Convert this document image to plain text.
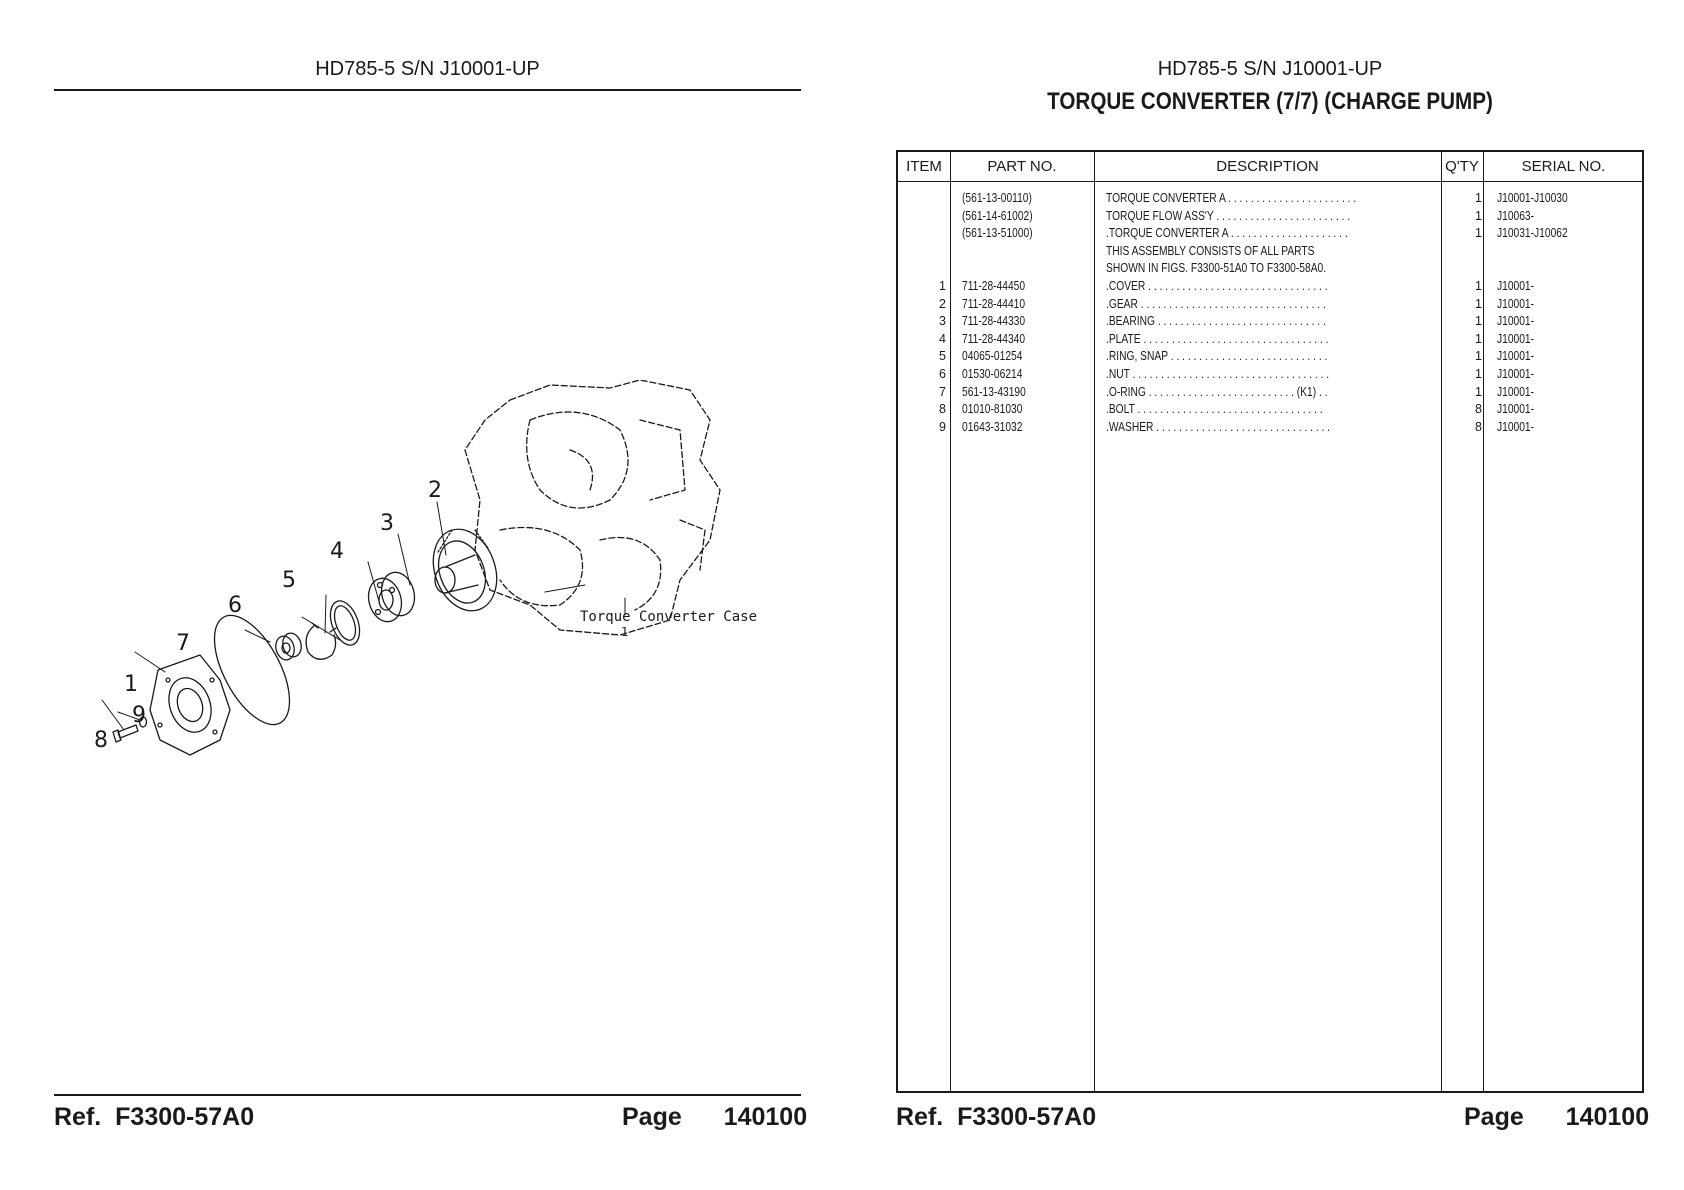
HD785-5 S/N J10001-UP
2
3
4
5
6
7
1
9
8
Torque Converter Case
1
Ref. F3300-57A0	Page 140100
HD785-5 S/N J10001-UP
TORQUE CONVERTER (7/7) (CHARGE PUMP)
ITEM	PART NO.	DESCRIPTION	Q'TY	SERIAL NO.
(561-13-00110)	TORQUE CONVERTER A . . . . . . . . . . . . . . . . . . . . . . .	1 J10001-J10030
(561-14-61002)	TORQUE FLOW ASS'Y . . . . . . . . . . . . . . . . . . . . . . . .	1 J10063-
(561-13-51000)	.TORQUE CONVERTER A . . . . . . . . . . . . . . . . . . . . .	1 J10031-J10062
THIS ASSEMBLY CONSISTS OF ALL PARTS
SHOWN IN FIGS. F3300-51A0 TO F3300-58A0.
1 711-28-44450	.COVER . . . . . . . . . . . . . . . . . . . . . . . . . . . . . . . .	1 J10001-
2 711-28-44410	.GEAR . . . . . . . . . . . . . . . . . . . . . . . . . . . . . . . . .	1 J10001-
3 711-28-44330	.BEARING . . . . . . . . . . . . . . . . . . . . . . . . . . . . . .	1 J10001-
4 711-28-44340	.PLATE . . . . . . . . . . . . . . . . . . . . . . . . . . . . . . . . .	1 J10001-
5 04065-01254	.RING, SNAP . . . . . . . . . . . . . . . . . . . . . . . . . . . .	1 J10001-
6 01530-06214	.NUT . . . . . . . . . . . . . . . . . . . . . . . . . . . . . . . . . . .	1 J10001-
7 561-13-43190	.O-RING . . . . . . . . . . . . . . . . . . . . . . . . . . (K1) . .	1 J10001-
8 01010-81030	.BOLT . . . . . . . . . . . . . . . . . . . . . . . . . . . . . . . . .	8 J10001-
9 01643-31032	.WASHER . . . . . . . . . . . . . . . . . . . . . . . . . . . . . . .	8 J10001-
Ref. F3300-57A0	Page 140100
